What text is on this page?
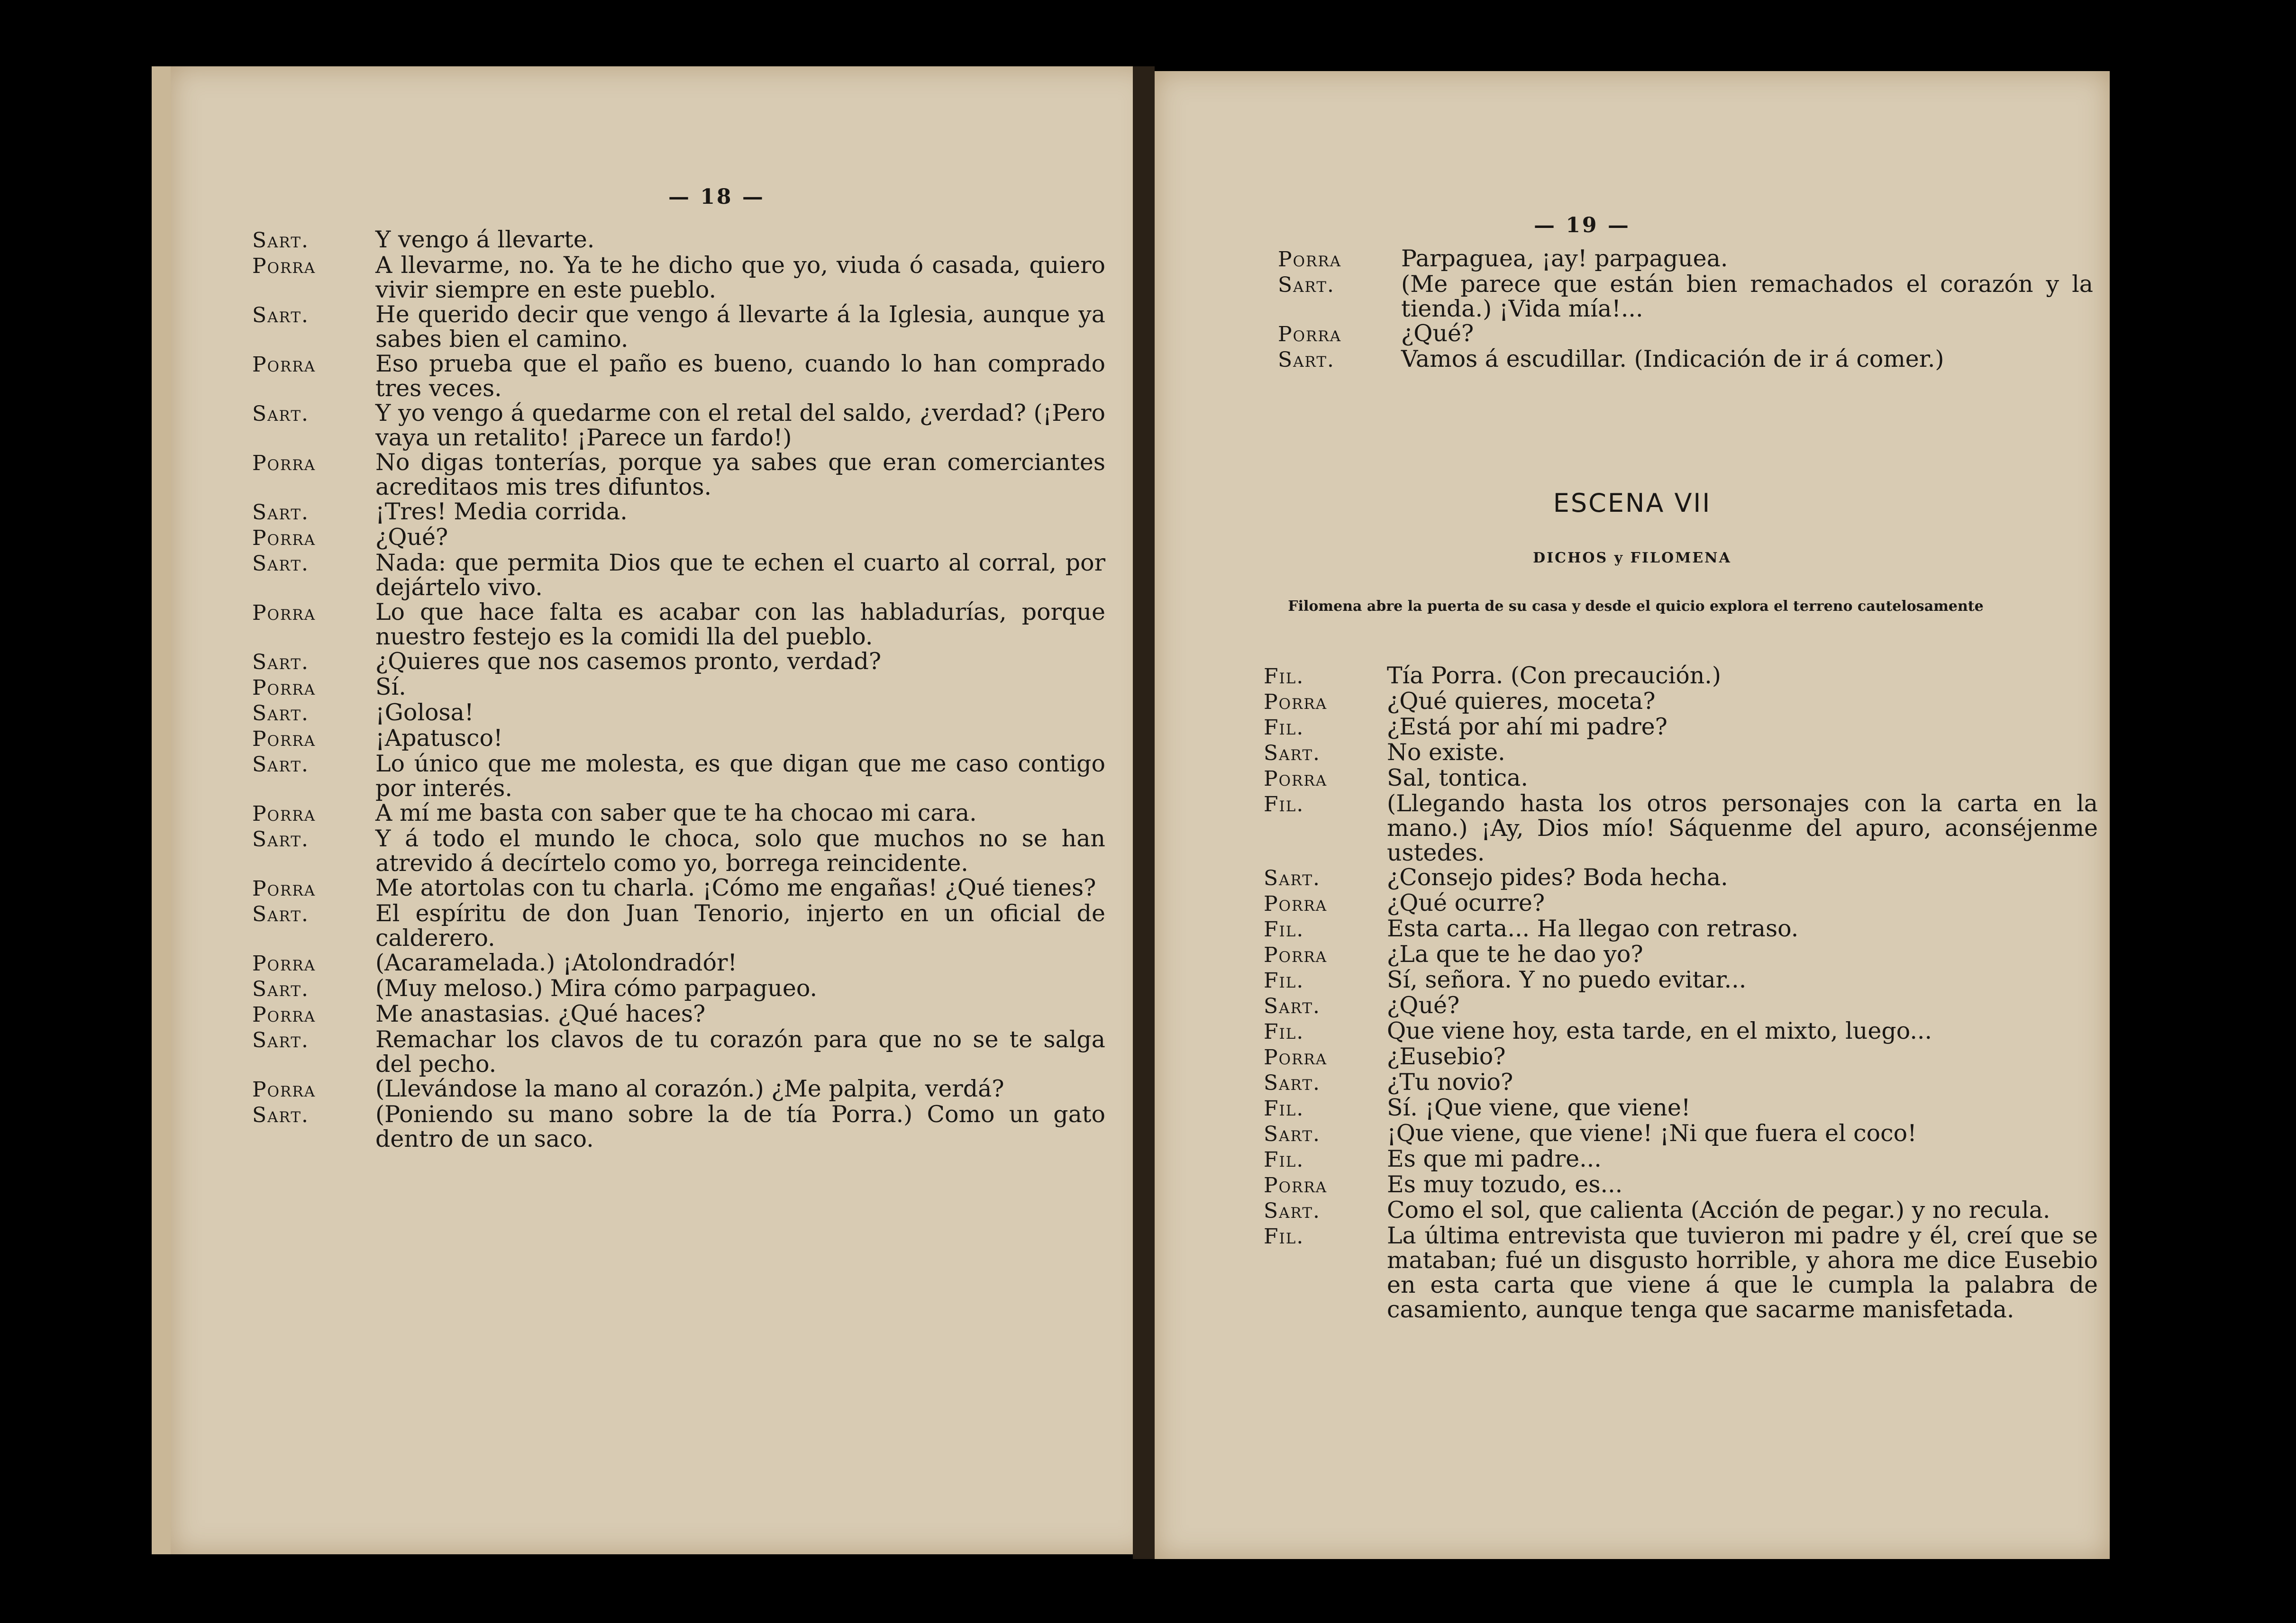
— 18 —
Sart.	Y vengo á llevarte.
Porra	A llevarme, no. Ya te he dicho que yo, viuda ó casada, quiero vivir siempre en este pueblo.
Sart.	He querido decir que vengo á llevarte á la Iglesia, aunque ya sabes bien el camino.
Porra	Eso prueba que el paño es bueno, cuando lo han comprado tres veces.
Sart.	Y yo vengo á quedarme con el retal del saldo, ¿verdad? (¡Pero vaya un retalito! ¡Parece un fardo!)
Porra	No digas tonterías, porque ya sabes que eran comerciantes acreditaos mis tres difuntos.
Sart.	¡Tres! Media corrida.
Porra	¿Qué?
Sart.	Nada: que permita Dios que te echen el cuarto al corral, por dejártelo vivo.
Porra	Lo que hace falta es acabar con las habladurías, porque nuestro festejo es la comidi lla del pueblo.
Sart.	¿Quieres que nos casemos pronto, verdad?
Porra	Sí.
Sart.	¡Golosa!
Porra	¡Apatusco!
Sart.	Lo único que me molesta, es que digan que me caso contigo por interés.
Porra	A mí me basta con saber que te ha chocao mi cara.
Sart.	Y á todo el mundo le choca, solo que muchos no se han atrevido á decírtelo como yo, borrega reincidente.
Porra	Me atortolas con tu charla. ¡Cómo me engañas! ¿Qué tienes?
Sart.	El espíritu de don Juan Tenorio, injerto en un oficial de calderero.
Porra	(Acaramelada.) ¡Atolondradór!
Sart.	(Muy meloso.) Mira cómo parpagueo.
Porra	Me anastasias. ¿Qué haces?
Sart.	Remachar los clavos de tu corazón para que no se te salga del pecho.
Porra	(Llevándose la mano al corazón.) ¿Me palpita, verdá?
Sart.	(Poniendo su mano sobre la de tía Porra.) Como un gato dentro de un saco.
— 19 —
Porra	Parpaguea, ¡ay! parpaguea.
Sart.	(Me parece que están bien remachados el corazón y la tienda.) ¡Vida mía!...
Porra	¿Qué?
Sart.	Vamos á escudillar. (Indicación de ir á comer.)
ESCENA VII
DICHOS y FILOMENA
Filomena abre la puerta de su casa y desde el quicio explora el terreno cautelosamente
Fil.	Tía Porra. (Con precaución.)
Porra	¿Qué quieres, moceta?
Fil.	¿Está por ahí mi padre?
Sart.	No existe.
Porra	Sal, tontica.
Fil.	(Llegando hasta los otros personajes con la carta en la mano.) ¡Ay, Dios mío! Sáquenme del apuro, aconséjenme ustedes.
Sart.	¿Consejo pides? Boda hecha.
Porra	¿Qué ocurre?
Fil.	Esta carta... Ha llegao con retraso.
Porra	¿La que te he dao yo?
Fil.	Sí, señora. Y no puedo evitar...
Sart.	¿Qué?
Fil.	Que viene hoy, esta tarde, en el mixto, luego...
Porra	¿Eusebio?
Sart.	¿Tu novio?
Fil.	Sí. ¡Que viene, que viene!
Sart.	¡Que viene, que viene! ¡Ni que fuera el coco!
Fil.	Es que mi padre...
Porra	Es muy tozudo, es...
Sart.	Como el sol, que calienta (Acción de pegar.) y no recula.
Fil.	La última entrevista que tuvieron mi padre y él, creí que se mataban; fué un disgusto horrible, y ahora me dice Eusebio en esta carta que viene á que le cumpla la palabra de casamiento, aunque tenga que sacarme manisfetada.
